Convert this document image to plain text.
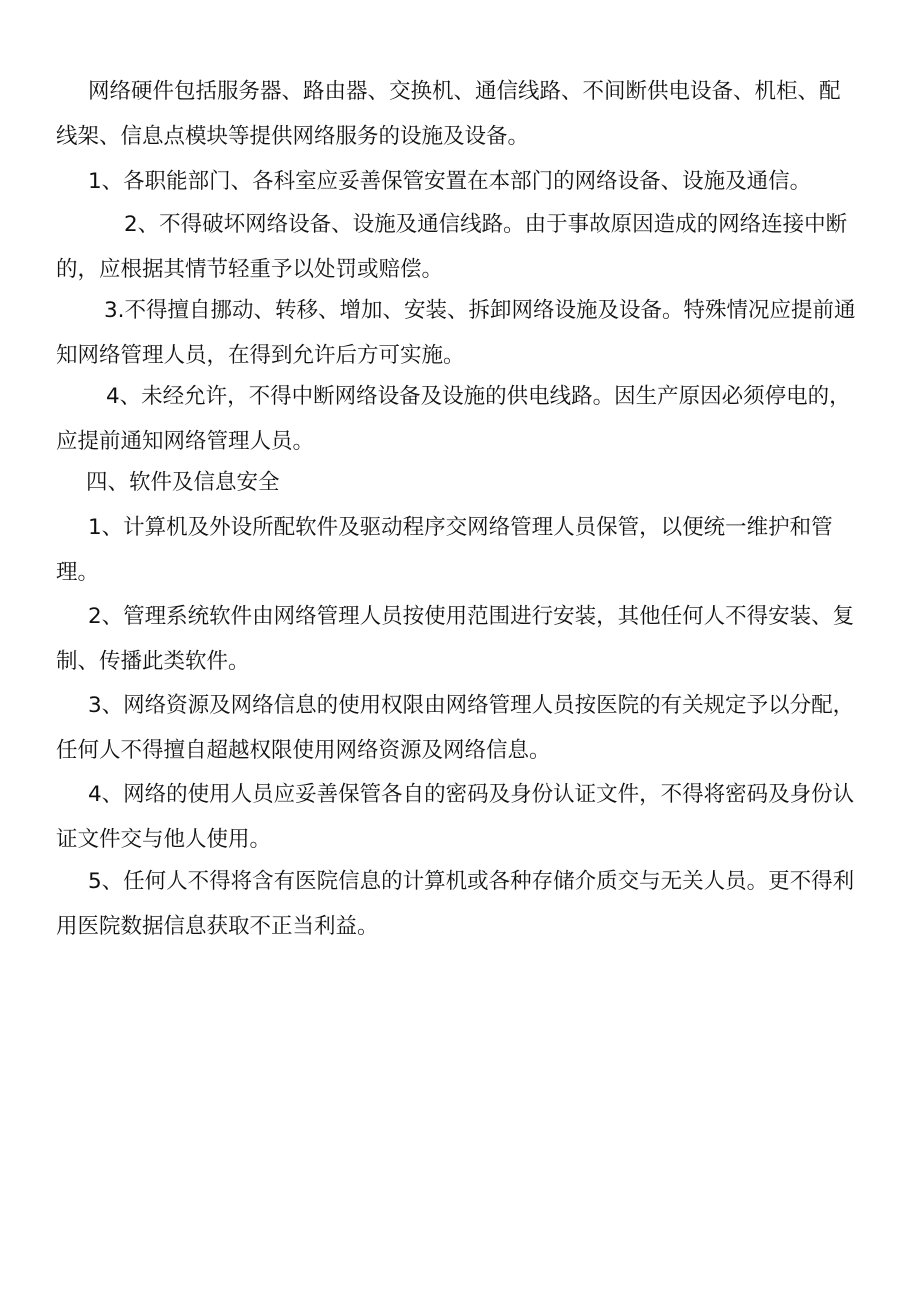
网络硬件包括服务器、路由器、交换机、通信线路、不间断供电设备、机柜、配线架、信息点模块等提供网络服务的设施及设备。

1、各职能部门、各科室应妥善保管安置在本部门的网络设备、设施及通信。

2、不得破坏网络设备、设施及通信线路。由于事故原因造成的网络连接中断的，应根据其情节轻重予以处罚或赔偿。

3.不得擅自挪动、转移、增加、安装、拆卸网络设施及设备。特殊情况应提前通知网络管理人员，在得到允许后方可实施。

4、未经允许，不得中断网络设备及设施的供电线路。因生产原因必须停电的，应提前通知网络管理人员。

四、软件及信息安全

1、计算机及外设所配软件及驱动程序交网络管理人员保管，以便统一维护和管理。

2、管理系统软件由网络管理人员按使用范围进行安装，其他任何人不得安装、复制、传播此类软件。

3、网络资源及网络信息的使用权限由网络管理人员按医院的有关规定予以分配，任何人不得擅自超越权限使用网络资源及网络信息。

4、网络的使用人员应妥善保管各自的密码及身份认证文件，不得将密码及身份认证文件交与他人使用。

5、任何人不得将含有医院信息的计算机或各种存储介质交与无关人员。更不得利用医院数据信息获取不正当利益。
